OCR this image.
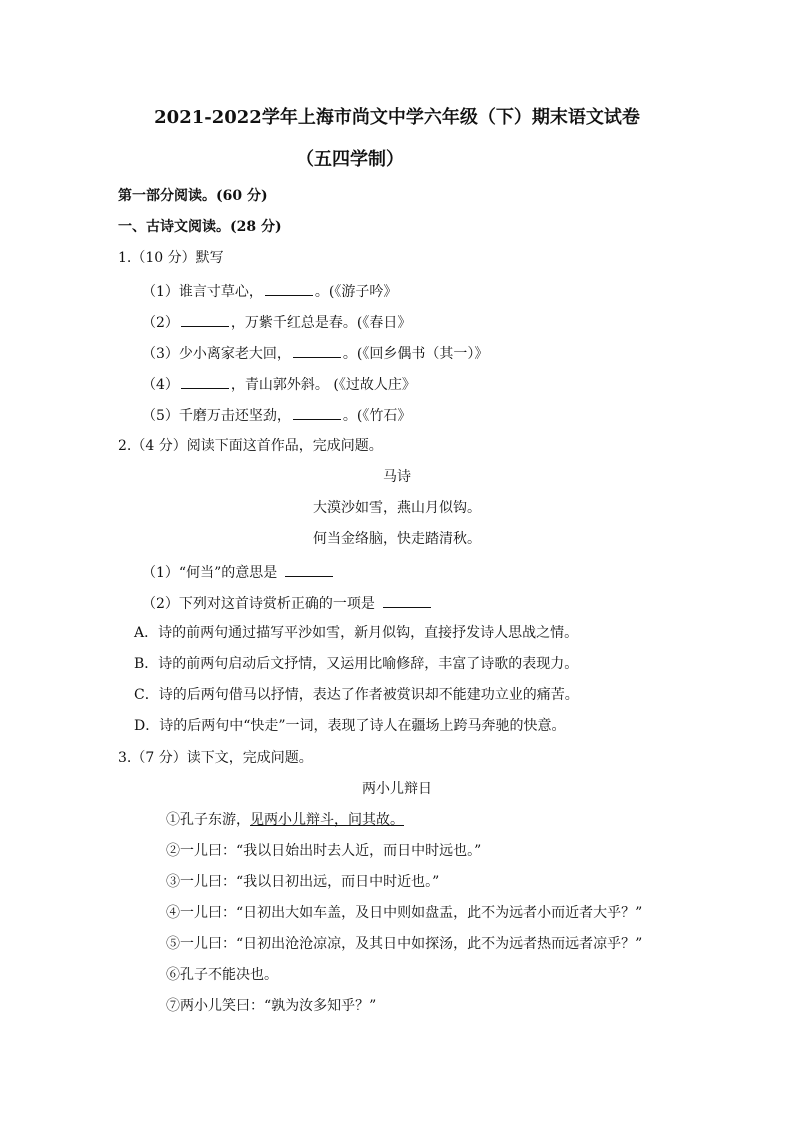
2021-2022学年上海市尚文中学六年级（下）期末语文试卷
（五四学制）
第一部分阅读。(60 分)
一、古诗文阅读。(28 分)
1.（10 分）默写
（1）谁言寸草心，	。(《游子吟》
（2）	，万紫千红总是春。(《春日》
（3）少小离家老大回，	。(《回乡偶书（其一）》
（4）	，青山郭外斜。 (《过故人庄》
（5）千磨万击还坚劲，	。(《竹石》
2.（4 分）阅读下面这首作品，完成问题。
马诗
大漠沙如雪，燕山月似钩。
何当金络脑，快走踏清秋。
（1）“何当”的意思是
（2）下列对这首诗赏析正确的一项是
A．诗的前两句通过描写平沙如雪，新月似钩，直接抒发诗人思战之情。
B．诗的前两句启动后文抒情，又运用比喻修辞，丰富了诗歌的表现力。
C．诗的后两句借马以抒情，表达了作者被赏识却不能建功立业的痛苦。
D．诗的后两句中“快走”一词，表现了诗人在疆场上跨马奔驰的快意。
3.（7 分）读下文，完成问题。
两小儿辩日
①孔子东游，见两小儿辩斗，问其故。
②一儿曰：“我以日始出时去人近，而日中时远也。”
③一儿曰：“我以日初出远，而日中时近也。”
④一儿曰：“日初出大如车盖，及日中则如盘盂，此不为远者小而近者大乎？”
⑤一儿曰：“日初出沧沧凉凉，及其日中如探汤，此不为远者热而远者凉乎？”
⑥孔子不能决也。
⑦两小儿笑曰：“孰为汝多知乎？”
